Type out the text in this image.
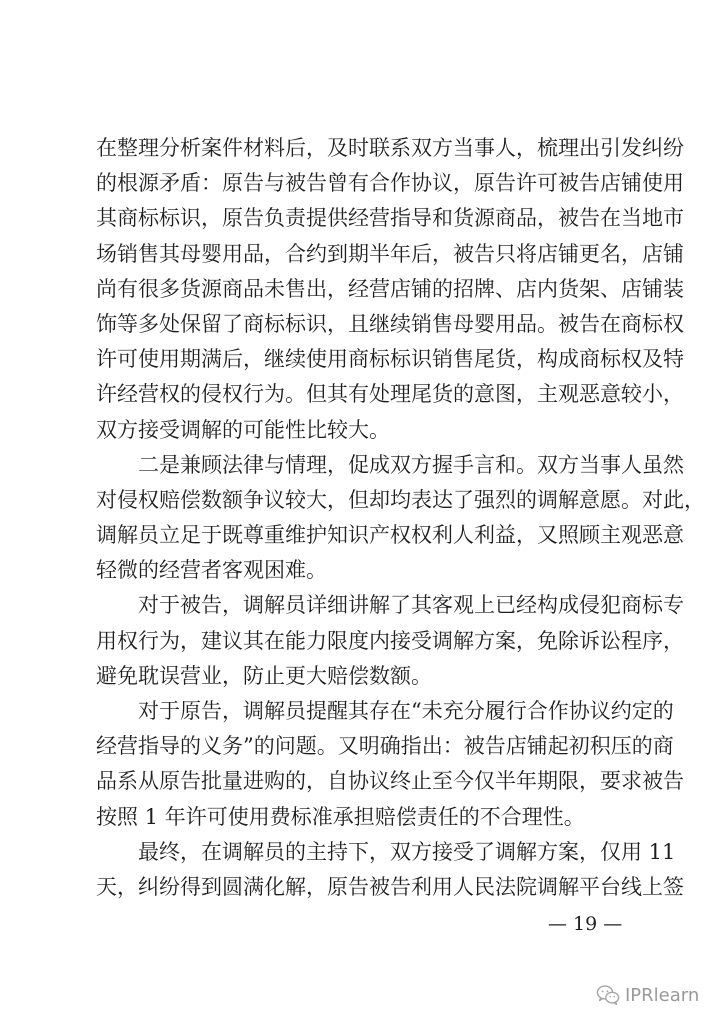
在整理分析案件材料后，及时联系双方当事人，梳理出引发纠纷
的根源矛盾：原告与被告曾有合作协议，原告许可被告店铺使用
其商标标识，原告负责提供经营指导和货源商品，被告在当地市
场销售其母婴用品，合约到期半年后，被告只将店铺更名，店铺
尚有很多货源商品未售出，经营店铺的招牌、店内货架、店铺装
饰等多处保留了商标标识，且继续销售母婴用品。被告在商标权
许可使用期满后，继续使用商标标识销售尾货，构成商标权及特
许经营权的侵权行为。但其有处理尾货的意图，主观恶意较小，
双方接受调解的可能性比较大。
二是兼顾法律与情理，促成双方握手言和。双方当事人虽然
对侵权赔偿数额争议较大，但却均表达了强烈的调解意愿。对此，
调解员立足于既尊重维护知识产权权利人利益，又照顾主观恶意
轻微的经营者客观困难。
对于被告，调解员详细讲解了其客观上已经构成侵犯商标专
用权行为，建议其在能力限度内接受调解方案，免除诉讼程序，
避免耽误营业，防止更大赔偿数额。
对于原告，调解员提醒其存在“未充分履行合作协议约定的
经营指导的义务”的问题。又明确指出：被告店铺起初积压的商
品系从原告批量进购的，自协议终止至今仅半年期限，要求被告
按照 1 年许可使用费标准承担赔偿责任的不合理性。
最终，在调解员的主持下，双方接受了调解方案，仅用 11
天，纠纷得到圆满化解，原告被告利用人民法院调解平台线上签
— 19 —
IPRlearn
